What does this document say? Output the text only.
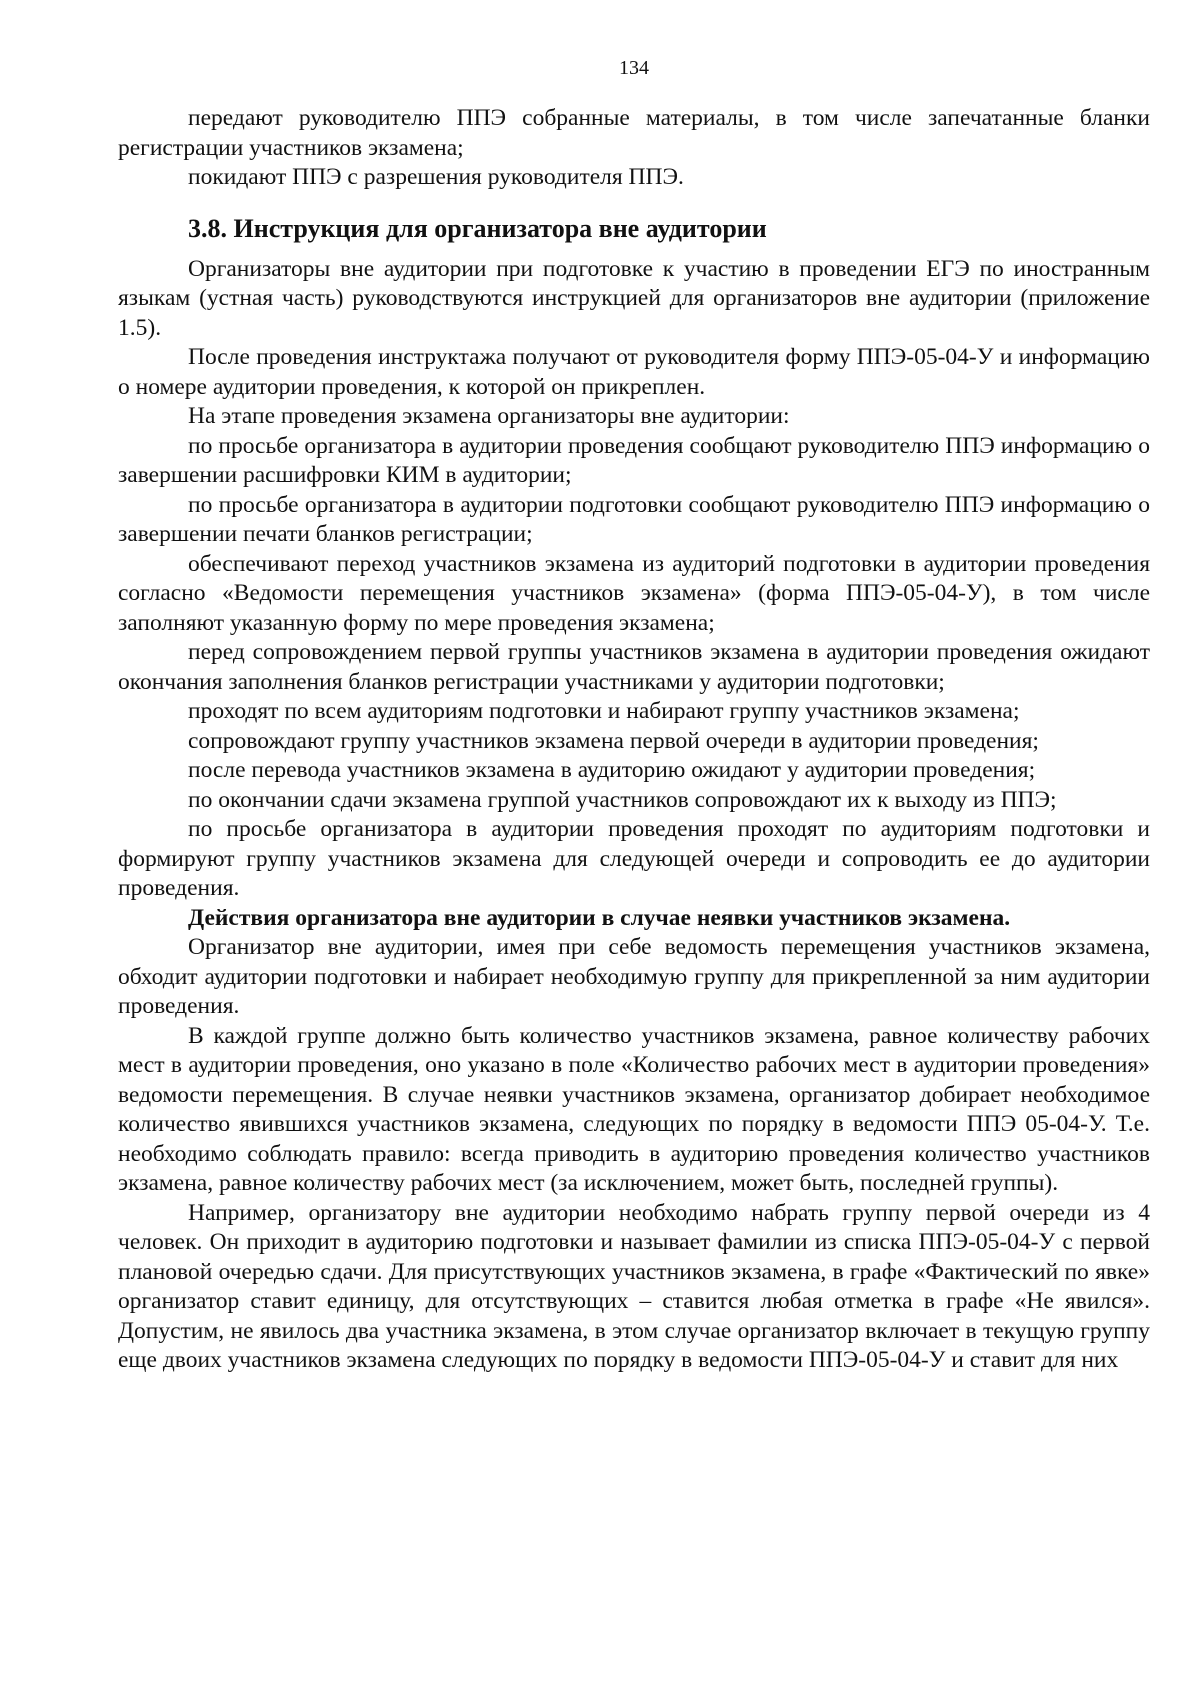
134

передают руководителю ППЭ собранные материалы, в том числе запечатанные бланки регистрации участников экзамена;

покидают ППЭ с разрешения руководителя ППЭ.

3.8. Инструкция для организатора вне аудитории

Организаторы вне аудитории при подготовке к участию в проведении ЕГЭ по иностранным языкам (устная часть) руководствуются инструкцией для организаторов вне аудитории (приложение 1.5).

После проведения инструктажа получают от руководителя форму ППЭ-05-04-У и информацию о номере аудитории проведения, к которой он прикреплен.

На этапе проведения экзамена организаторы вне аудитории:

по просьбе организатора в аудитории проведения сообщают руководителю ППЭ информацию о завершении расшифровки КИМ в аудитории;

по просьбе организатора в аудитории подготовки сообщают руководителю ППЭ информацию о завершении печати бланков регистрации;

обеспечивают переход участников экзамена из аудиторий подготовки в аудитории проведения согласно «Ведомости перемещения участников экзамена» (форма ППЭ-05-04-У), в том числе заполняют указанную форму по мере проведения экзамена;

перед сопровождением первой группы участников экзамена в аудитории проведения ожидают окончания заполнения бланков регистрации участниками у аудитории подготовки;

проходят по всем аудиториям подготовки и набирают группу участников экзамена;

сопровождают группу участников экзамена первой очереди в аудитории проведения;

после перевода участников экзамена в аудиторию ожидают у аудитории проведения;

по окончании сдачи экзамена группой участников сопровождают их к выходу из ППЭ;

по просьбе организатора в аудитории проведения проходят по аудиториям подготовки и формируют группу участников экзамена для следующей очереди и сопроводить ее до аудитории проведения.

Действия организатора вне аудитории в случае неявки участников экзамена.

Организатор вне аудитории, имея при себе ведомость перемещения участников экзамена, обходит аудитории подготовки и набирает необходимую группу для прикрепленной за ним аудитории проведения.

В каждой группе должно быть количество участников экзамена, равное количеству рабочих мест в аудитории проведения, оно указано в поле «Количество рабочих мест в аудитории проведения» ведомости перемещения. В случае неявки участников экзамена, организатор добирает необходимое количество явившихся участников экзамена, следующих по порядку в ведомости ППЭ 05-04-У. Т.е. необходимо соблюдать правило: всегда приводить в аудиторию проведения количество участников экзамена, равное количеству рабочих мест (за исключением, может быть, последней группы).

Например, организатору вне аудитории необходимо набрать группу первой очереди из 4 человек. Он приходит в аудиторию подготовки и называет фамилии из списка ППЭ-05-04-У с первой плановой очередью сдачи. Для присутствующих участников экзамена, в графе «Фактический по явке» организатор ставит единицу, для отсутствующих – ставится любая отметка в графе «Не явился». Допустим, не явилось два участника экзамена, в этом случае организатор включает в текущую группу еще двоих участников экзамена следующих по порядку в ведомости ППЭ-05-04-У и ставит для них
